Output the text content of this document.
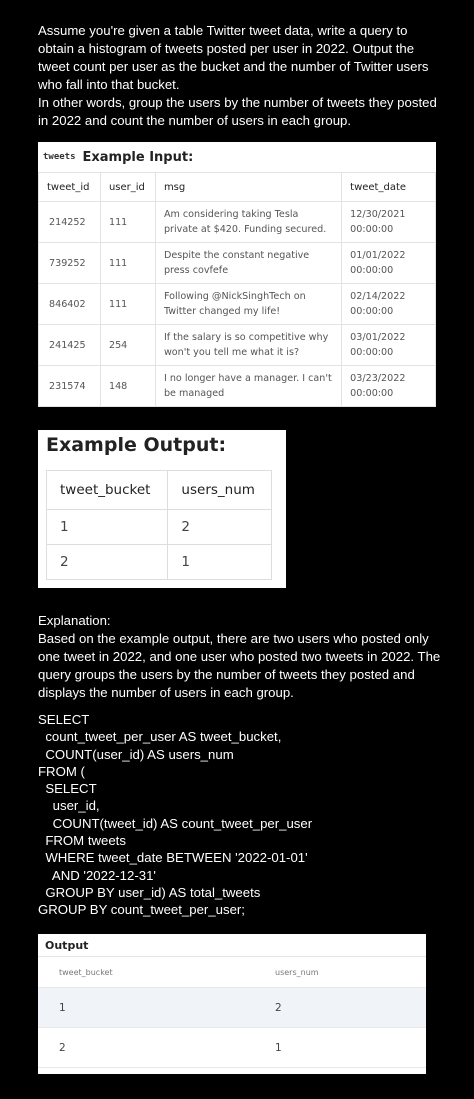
Assume you're given a table Twitter tweet data, write a query to obtain a histogram of tweets posted per user in 2022. Output the tweet count per user as the bucket and the number of Twitter users who fall into that bucket.

In other words, group the users by the number of tweets they posted in 2022 and count the number of users in each group.

tweets Example Input:
tweet_id	user_id	msg	tweet_date
214252	111	Am considering taking Tesla private at $420. Funding secured.	12/30/2021 00:00:00
739252	111	Despite the constant negative press covfefe	01/01/2022 00:00:00
846402	111	Following @NickSinghTech on Twitter changed my life!	02/14/2022 00:00:00
241425	254	If the salary is so competitive why won't you tell me what it is?	03/01/2022 00:00:00
231574	148	I no longer have a manager. I can't be managed	03/23/2022 00:00:00
Example Output:
tweet_bucket	users_num
1	2
2	1

Explanation:

Based on the example output, there are two users who posted only one tweet in 2022, and one user who posted two tweets in 2022. The query groups the users by the number of tweets they posted and displays the number of users in each group.

SELECT
count_tweet_per_user AS tweet_bucket,
COUNT(user_id) AS users_num
FROM (
SELECT
user_id,
COUNT(tweet_id) AS count_tweet_per_user
FROM tweets
WHERE tweet_date BETWEEN '2022-01-01'
AND '2022-12-31'
GROUP BY user_id) AS total_tweets
GROUP BY count_tweet_per_user;
Output
tweet_bucket	users_num
1	2
2	1
